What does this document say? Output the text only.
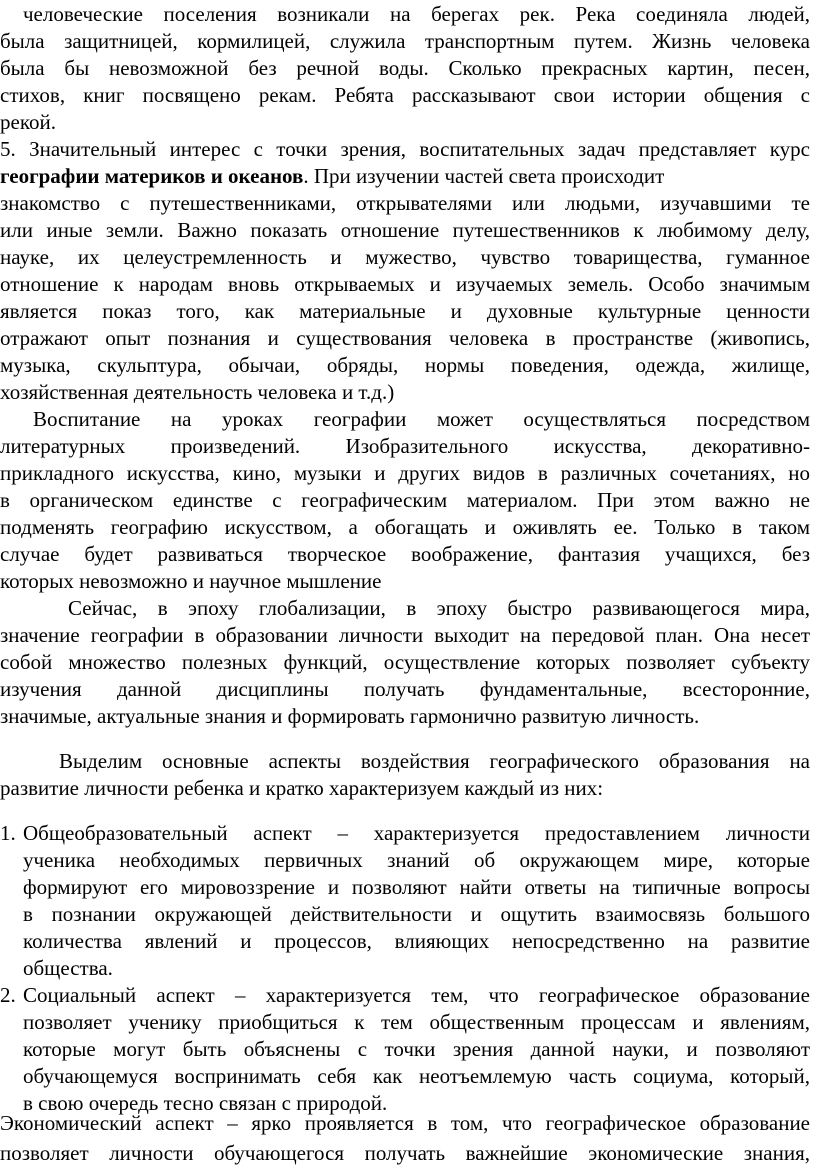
человеческие поселения возникали на берегах рек. Река соединяла людей,
была защитницей, кормилицей, служила транспортным путем. Жизнь человека
была бы невозможной без речной воды. Сколько прекрасных картин, песен,
стихов, книг посвящено рекам. Ребята рассказывают свои истории общения с
рекой.
5. Значительный интерес с точки зрения, воспитательных задач представляет курс
географии материков и океанов. При изучении частей света происходит
знакомство с путешественниками, открывателями или людьми, изучавшими те
или иные земли. Важно показать отношение путешественников к любимому делу,
науке, их целеустремленность и мужество, чувство товарищества, гуманное
отношение к народам вновь открываемых и изучаемых земель. Особо значимым
является показ того, как материальные и духовные культурные ценности
отражают опыт познания и существования человека в пространстве (живопись,
музыка, скульптура, обычаи, обряды, нормы поведения, одежда, жилище,
хозяйственная деятельность человека и т.д.)
Воспитание на уроках географии может осуществляться посредством
литературных произведений. Изобразительного искусства, декоративно-
прикладного искусства, кино, музыки и других видов в различных сочетаниях, но
в органическом единстве с географическим материалом. При этом важно не
подменять географию искусством, а обогащать и оживлять ее. Только в таком
случае будет развиваться творческое воображение, фантазия учащихся, без
которых невозможно и научное мышление
Сейчас, в эпоху глобализации, в эпоху быстро развивающегося мира,
значение географии в образовании личности выходит на передовой план. Она несет
собой множество полезных функций, осуществление которых позволяет субъекту
изучения данной дисциплины получать фундаментальные, всесторонние,
значимые, актуальные знания и формировать гармонично развитую личность.
Выделим основные аспекты воздействия географического образования на
развитие личности ребенка и кратко характеризуем каждый из них:
1. Общеобразовательный аспект – характеризуется предоставлением личности
ученика необходимых первичных знаний об окружающем мире, которые
формируют его мировоззрение и позволяют найти ответы на типичные вопросы
в познании окружающей действительности и ощутить взаимосвязь большого
количества явлений и процессов, влияющих непосредственно на развитие
общества.
2. Социальный аспект – характеризуется тем, что географическое образование
позволяет ученику приобщиться к тем общественным процессам и явлениям,
которые могут быть объяснены с точки зрения данной науки, и позволяют
обучающемуся воспринимать себя как неотъемлемую часть социума, который,
в свою очередь тесно связан с природой.
Экономический аспект – ярко проявляется в том, что географическое образование
позволяет личности обучающегося получать важнейшие экономические знания,
